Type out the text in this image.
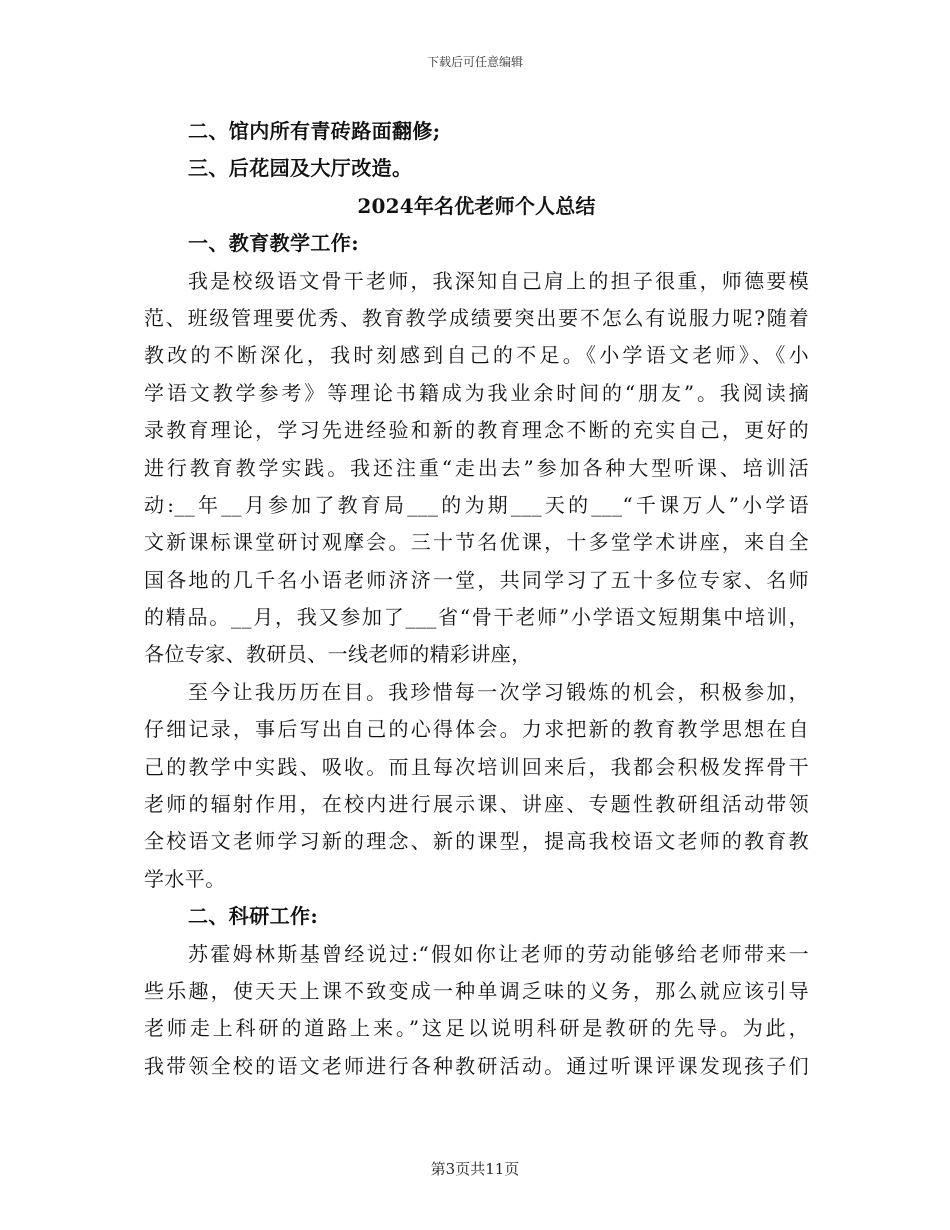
下载后可任意编辑
二、馆内所有青砖路面翻修;
三、后花园及大厅改造。
2024年名优老师个人总结
一、教育教学工作:
我是校级语文骨干老师，我深知自己肩上的担子很重，师德要模
范、班级管理要优秀、教育教学成绩要突出要不怎么有说服力呢?随着
教改的不断深化，我时刻感到自己的不足。《小学语文老师》、《小
学语文教学参考》等理论书籍成为我业余时间的“朋友”。我阅读摘
录教育理论，学习先进经验和新的教育理念不断的充实自己，更好的
进行教育教学实践。我还注重“走出去”参加各种大型听课、培训活
动:__年__月参加了教育局___的为期___天的___“千课万人”小学语
文新课标课堂研讨观摩会。三十节名优课，十多堂学术讲座，来自全
国各地的几千名小语老师济济一堂，共同学习了五十多位专家、名师
的精品。__月，我又参加了___省“骨干老师”小学语文短期集中培训，
各位专家、教研员、一线老师的精彩讲座，
至今让我历历在目。我珍惜每一次学习锻炼的机会，积极参加，
仔细记录，事后写出自己的心得体会。力求把新的教育教学思想在自
己的教学中实践、吸收。而且每次培训回来后，我都会积极发挥骨干
老师的辐射作用，在校内进行展示课、讲座、专题性教研组活动带领
全校语文老师学习新的理念、新的课型，提高我校语文老师的教育教
学水平。
二、科研工作:
苏霍姆林斯基曾经说过:“假如你让老师的劳动能够给老师带来一
些乐趣，使天天上课不致变成一种单调乏味的义务，那么就应该引导
老师走上科研的道路上来。”这足以说明科研是教研的先导。为此，
我带领全校的语文老师进行各种教研活动。通过听课评课发现孩子们
第3页共11页
